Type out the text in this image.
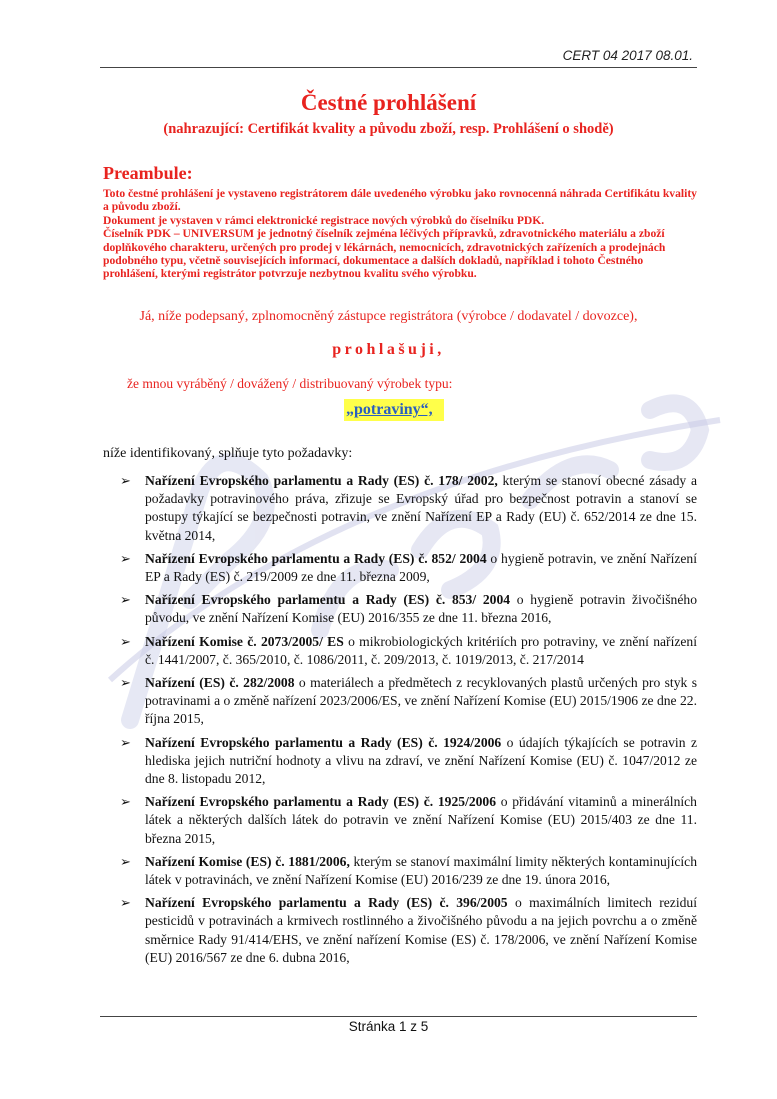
CERT 04 2017 08.01.
Čestné prohlášení
(nahrazující: Certifikát kvality a původu zboží, resp. Prohlášení o shodě)
Preambule:

Toto čestné prohlášení je vystaveno registrátorem dále uvedeného výrobku jako rovnocenná náhrada Certifikátu kvality a původu zboží.

Dokument je vystaven v rámci elektronické registrace nových výrobků do číselníku PDK.

Číselník PDK – UNIVERSUM je jednotný číselník zejména léčivých přípravků, zdravotnického materiálu a zboží doplňkového charakteru, určených pro prodej v lékárnách, nemocnicích, zdravotnických zařízeních a prodejnách podobného typu, včetně souvisejících informací, dokumentace a dalších dokladů, například i tohoto Čestného prohlášení, kterými registrátor potvrzuje nezbytnou kvalitu svého výrobku.

Já, níže podepsaný, zplnomocněný zástupce registrátora (výrobce / dodavatel / dovozce),
prohlašuji,
že mnou vyráběný / dovážený / distribuovaný výrobek typu:
„potraviny“,
níže identifikovaný, splňuje tyto požadavky:
➢ Nařízení Evropského parlamentu a Rady (ES) č. 178/ 2002, kterým se stanoví obecné zásady a požadavky potravinového práva, zřizuje se Evropský úřad pro bezpečnost potravin a stanoví se postupy týkající se bezpečnosti potravin, ve znění Nařízení EP a Rady (EU) č. 652/2014 ze dne 15. května 2014,
➢ Nařízení Evropského parlamentu a Rady (ES) č. 852/ 2004 o hygieně potravin, ve znění Nařízení EP a Rady (ES) č. 219/2009 ze dne 11. března 2009,
➢ Nařízení Evropského parlamentu a Rady (ES) č. 853/ 2004 o hygieně potravin živočišného původu, ve znění Nařízení Komise (EU) 2016/355 ze dne 11. března 2016,
➢ Nařízení Komise č. 2073/2005/ ES o mikrobiologických kritériích pro potraviny, ve znění nařízení č. 1441/2007, č. 365/2010, č. 1086/2011, č. 209/2013, č. 1019/2013, č. 217/2014
➢ Nařízení (ES) č. 282/2008 o materiálech a předmětech z recyklovaných plastů určených pro styk s potravinami a o změně nařízení 2023/2006/ES, ve znění Nařízení Komise (EU) 2015/1906 ze dne 22. října 2015,
➢ Nařízení Evropského parlamentu a Rady (ES) č. 1924/2006 o údajích týkajících se potravin z hlediska jejich nutriční hodnoty a vlivu na zdraví, ve znění Nařízení Komise (EU) č. 1047/2012 ze dne 8. listopadu 2012,
➢ Nařízení Evropského parlamentu a Rady (ES) č. 1925/2006 o přidávání vitaminů a minerálních látek a některých dalších látek do potravin ve znění Nařízení Komise (EU) 2015/403 ze dne 11. března 2015,
➢ Nařízení Komise (ES) č. 1881/2006, kterým se stanoví maximální limity některých kontaminujících látek v potravinách, ve znění Nařízení Komise (EU) 2016/239 ze dne 19. února 2016,
➢ Nařízení Evropského parlamentu a Rady (ES) č. 396/2005 o maximálních limitech reziduí pesticidů v potravinách a krmivech rostlinného a živočišného původu a na jejich povrchu a o změně směrnice Rady 91/414/EHS, ve znění nařízení Komise (ES) č. 178/2006, ve znění Nařízení Komise (EU) 2016/567 ze dne 6. dubna 2016,
Stránka 1 z 5
